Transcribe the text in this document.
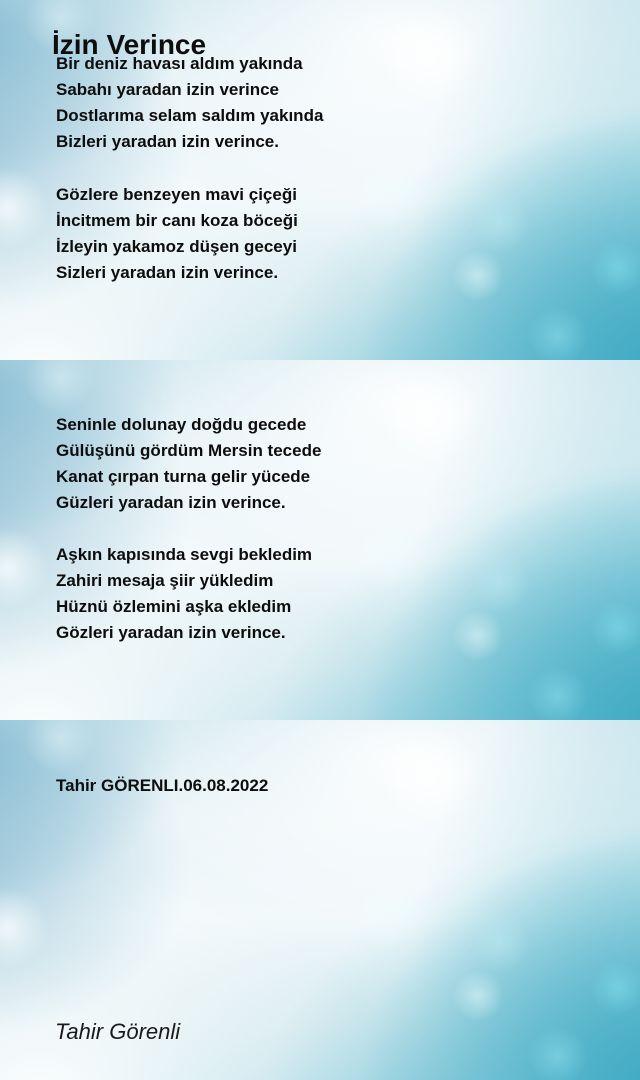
İzin Verince
Bir deniz havası aldım yakında
Sabahı yaradan izin verince
Dostlarıma selam saldım yakında
Bizleri yaradan izin verince.
Gözlere benzeyen mavi çiçeği
İncitmem bir canı koza böceği
İzleyin yakamoz düşen geceyi
Sizleri yaradan izin verince.
Seninle dolunay doğdu gecede
Gülüşünü gördüm Mersin tecede
Kanat çırpan turna gelir yücede
Güzleri yaradan izin verince.
Aşkın kapısında sevgi bekledim
Zahiri mesaja şiir yükledim
Hüznü özlemini aşka ekledim
Gözleri yaradan izin verince.
Tahir GÖRENLI.06.08.2022
Tahir Görenli
